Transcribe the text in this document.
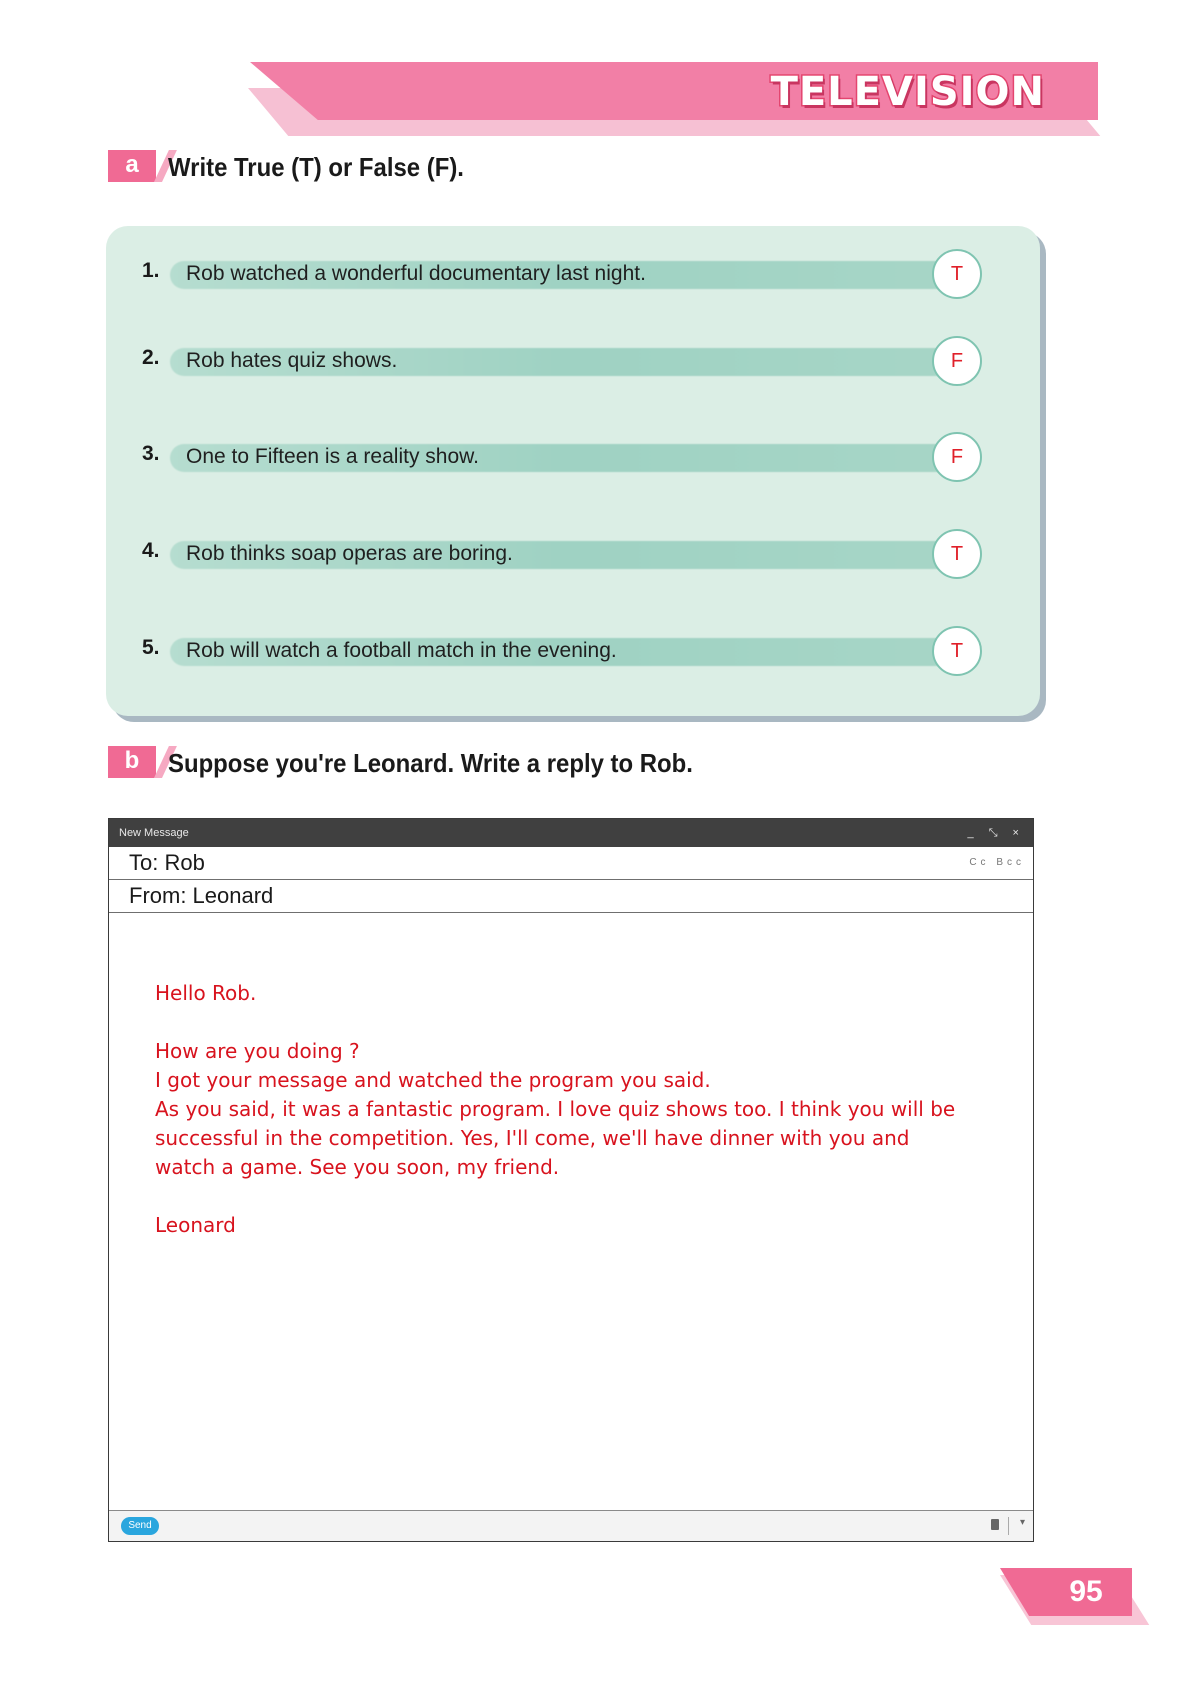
TELEVISION
a	Write True (T) or False (F).
1. Rob watched a wonderful documentary last night.	T
2. Rob hates quiz shows.	F
3. One to Fifteen is a reality show.	F
4. Rob thinks soap operas are boring.	T
5. Rob will watch a football match in the evening.	T
b	Suppose you're Leonard. Write a reply to Rob.
New Message	_ ⤡ ×
To: Rob	Cc Bcc
From: Leonard

Hello Rob.

How are you doing ?

I got your message and watched the program you said.

As you said, it was a fantastic program. I love quiz shows too. I think you will be

successful in the competition. Yes, I'll come, we'll have dinner with you and

watch a game. See you soon, my friend.

Leonard

Send	▾
95
